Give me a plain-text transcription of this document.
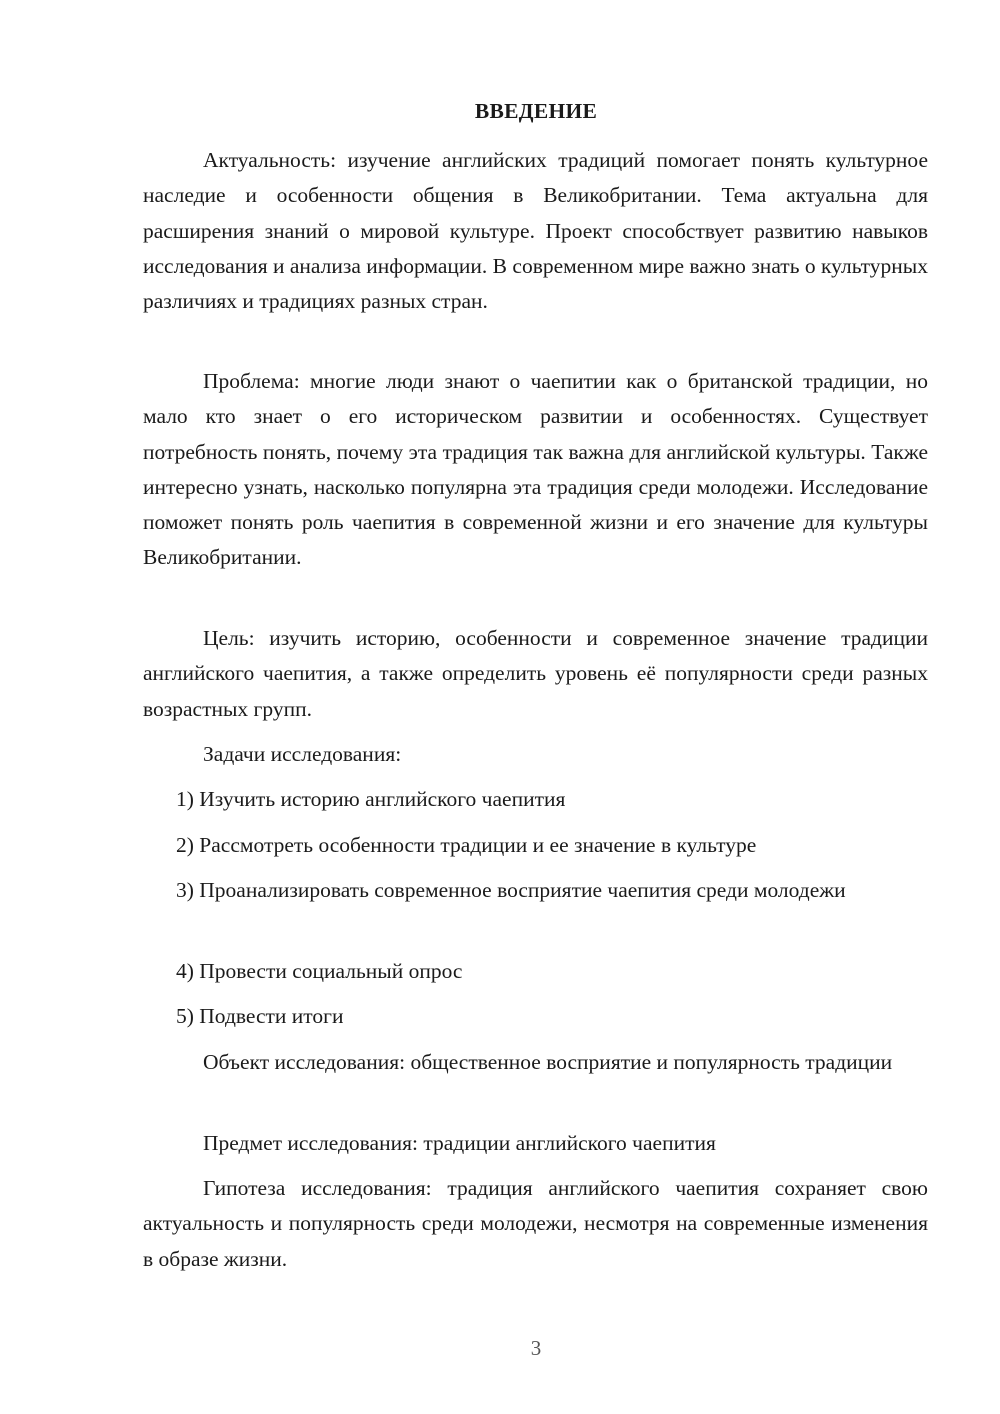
ВВЕДЕНИЕ

Актуальность: изучение английских традиций помогает понять культурное наследие и особенности общения в Великобритании. Тема актуальна для расширения знаний о мировой культуре. Проект способствует развитию навыков исследования и анализа информации. В современном мире важно знать о культурных различиях и традициях разных стран.

Проблема: многие люди знают о чаепитии как о британской традиции, но мало кто знает о его историческом развитии и особенностях. Существует потребность понять, почему эта традиция так важна для английской культуры. Также интересно узнать, насколько популярна эта традиция среди молодежи. Исследование поможет понять роль чаепития в современной жизни и его значение для культуры Великобритании.

Цель: изучить историю, особенности и современное значение традиции английского чаепития, а также определить уровень её популярности среди разных возрастных групп.

Задачи исследования:

1) Изучить историю английского чаепития

2) Рассмотреть особенности традиции и ее значение в культуре

3) Проанализировать современное восприятие чаепития среди молодежи

4) Провести социальный опрос

5) Подвести итоги

Объект исследования: общественное восприятие и популярность традиции

Предмет исследования: традиции английского чаепития

Гипотеза исследования: традиция английского чаепития сохраняет свою актуальность и популярность среди молодежи, несмотря на современные изменения в образе жизни.

3
